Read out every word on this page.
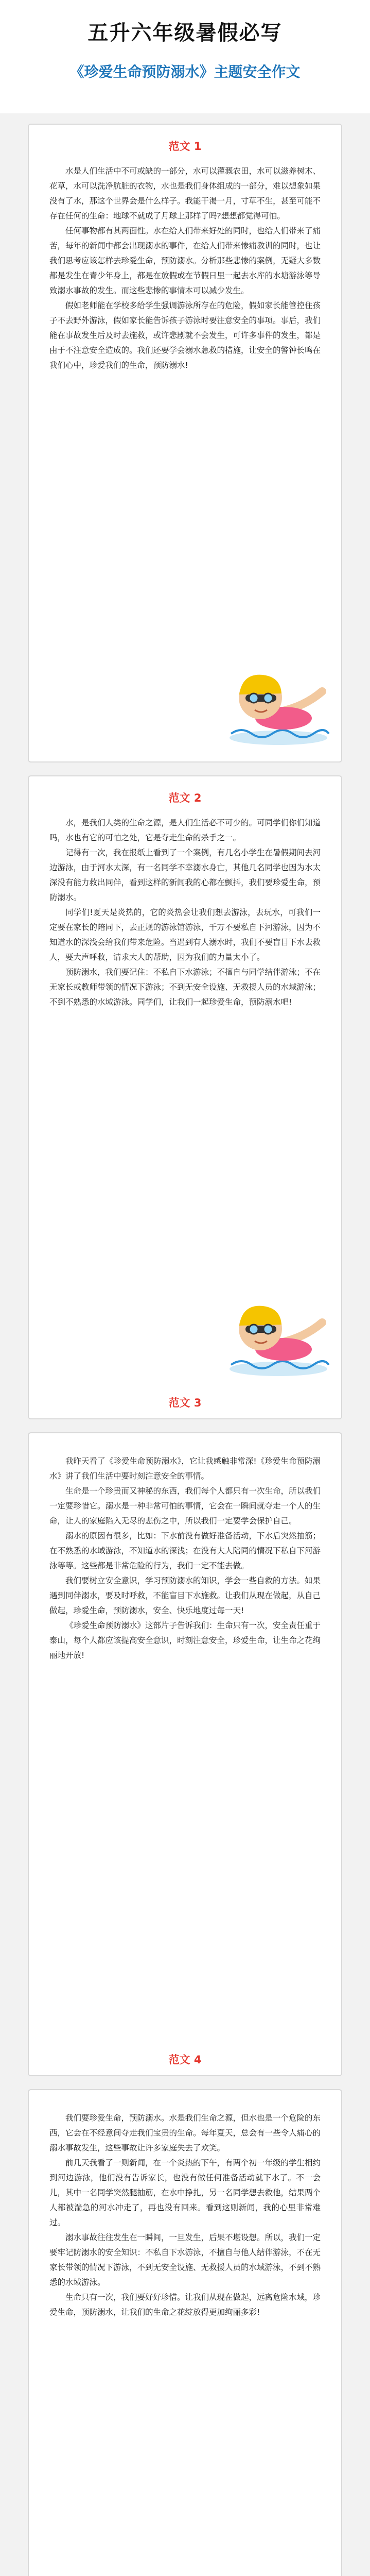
五升六年级暑假必写
《珍爱生命预防溺水》主题安全作文
范文 1

水是人们生活中不可或缺的一部分，水可以灌溉农田，水可以滋养树木、花草，水可以洗净肮脏的衣物，水也是我们身体组成的一部分，难以想象如果没有了水，那这个世界会是什么样子。我能干渴一月，寸草不生，甚至可能不存在任何的生命：地球不就成了月球上那样了吗?想想都觉得可怕。

任何事物都有其两面性。水在给人们带来好处的同时，也给人们带来了痛苦，每年的新闻中都会出现溺水的事件，在给人们带来惨痛教训的同时，也让我们思考应该怎样去珍爱生命，预防溺水。分析那些悲惨的案例，无疑大多数都是发生在青少年身上，都是在放假或在节假日里一起去水库的水塘游泳等导致溺水事故的发生。而这些悲惨的事情本可以减少发生。

假如老师能在学校多给学生强调游泳所存在的危险，假如家长能管控住孩子不去野外游泳，假如家长能告诉孩子游泳时要注意安全的事项。事后，我们能在事故发生后及时去施救，或许悲剧就不会发生，可许多事件的发生，都是由于不注意安全造成的。我们还要学会溺水急救的措施，让安全的警钟长鸣在我们心中，珍爱我们的生命，预防溺水!

范文 2

水，是我们人类的生命之源，是人们生活必不可少的。可同学们你们知道吗，水也有它的可怕之处，它是夺走生命的杀手之一。

记得有一次，我在报纸上看到了一个案例，有几名小学生在暑假期间去河边游泳，由于河水太深，有一名同学不幸溺水身亡，其他几名同学也因为水太深没有能力救出同伴，看到这样的新闻我的心都在颤抖，我们要珍爱生命，预防溺水。

同学们!夏天是炎热的，它的炎热会让我们想去游泳，去玩水，可我们一定要在家长的陪同下，去正规的游泳馆游泳，千万不要私自下河游泳，因为不知道水的深浅会给我们带来危险。当遇到有人溺水时，我们不要盲目下水去救人，要大声呼救，请求大人的帮助，因为我们的力量太小了。

预防溺水，我们要记住：不私自下水游泳；不擅自与同学结伴游泳；不在无家长或教师带领的情况下游泳；不到无安全设施、无救援人员的水域游泳；不到不熟悉的水域游泳。同学们，让我们一起珍爱生命，预防溺水吧!

范文 3

我昨天看了《珍爱生命预防溺水》，它让我感触非常深!《珍爱生命预防溺水》讲了我们生活中要时刻注意安全的事情。

生命是一个珍贵而又神秘的东西，我们每个人都只有一次生命，所以我们一定要珍惜它。溺水是一种非常可怕的事情，它会在一瞬间就夺走一个人的生命，让人的家庭陷入无尽的悲伤之中，所以我们一定要学会保护自己。

溺水的原因有很多，比如：下水前没有做好准备活动，下水后突然抽筋；在不熟悉的水域游泳，不知道水的深浅；在没有大人陪同的情况下私自下河游泳等等。这些都是非常危险的行为，我们一定不能去做。

我们要树立安全意识，学习预防溺水的知识，学会一些自救的方法。如果遇到同伴溺水，要及时呼救，不能盲目下水施救。让我们从现在做起，从自己做起，珍爱生命，预防溺水，安全、快乐地度过每一天!

《珍爱生命预防溺水》这部片子告诉我们：生命只有一次，安全责任重于泰山，每个人都应该提高安全意识，时刻注意安全，珍爱生命，让生命之花绚丽地开放!

范文 4

我们要珍爱生命，预防溺水。水是我们生命之源，但水也是一个危险的东西，它会在不经意间夺走我们宝贵的生命。每年夏天，总会有一些令人痛心的溺水事故发生，这些事故让许多家庭失去了欢笑。

前几天我看了一则新闻，在一个炎热的下午，有两个初一年级的学生相约到河边游泳，他们没有告诉家长，也没有做任何准备活动就下水了。不一会儿，其中一名同学突然腿抽筋，在水中挣扎，另一名同学想去救他，结果两个人都被湍急的河水冲走了，再也没有回来。看到这则新闻，我的心里非常难过。

溺水事故往往发生在一瞬间，一旦发生，后果不堪设想。所以，我们一定要牢记防溺水的安全知识：不私自下水游泳，不擅自与他人结伴游泳，不在无家长带领的情况下游泳，不到无安全设施、无救援人员的水域游泳，不到不熟悉的水域游泳。

生命只有一次，我们要好好珍惜。让我们从现在做起，远离危险水域，珍爱生命，预防溺水，让我们的生命之花绽放得更加绚丽多彩!
